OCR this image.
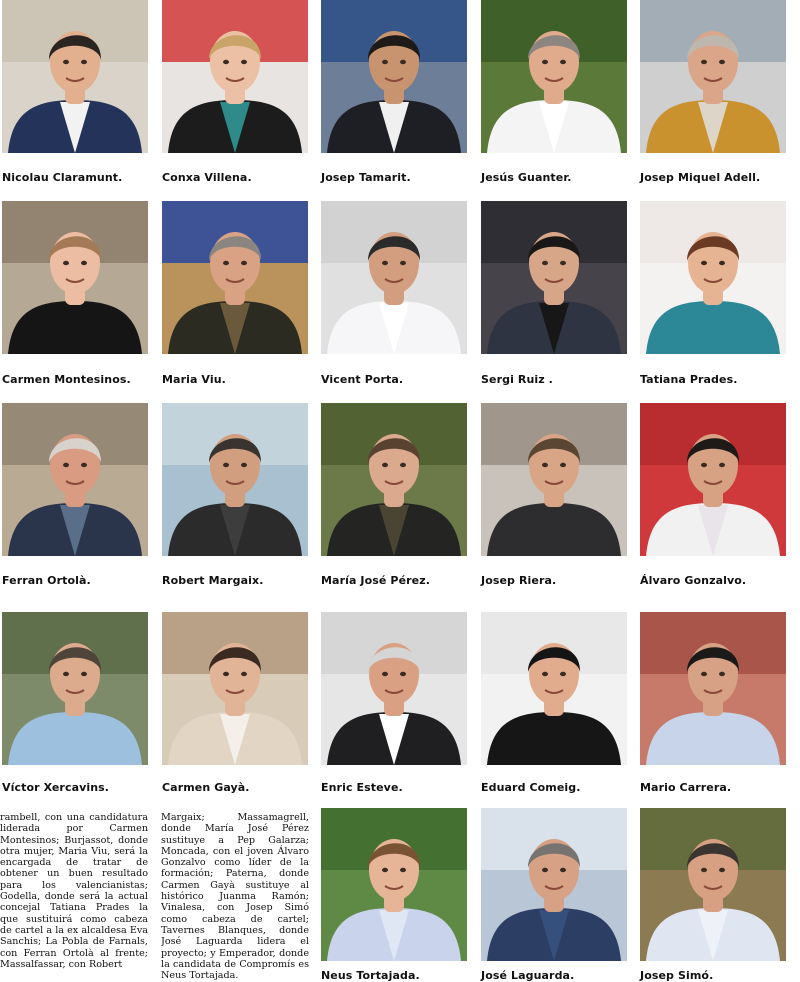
Nicolau Claramunt.	Conxa Villena.	Josep Tamarit.	Jesús Guanter.	Josep Miquel Adell.
Carmen Montesinos.	Maria Viu.	Vicent Porta.	Sergi Ruiz .	Tatiana Prades.
Ferran Ortolà.	Robert Margaix.	María José Pérez.	Josep Riera.	Álvaro Gonzalvo.
Víctor Xercavins.	Carmen Gayà.	Enric Esteve.	Eduard Comeig.	Mario Carrera.
Neus Tortajada.	José Laguarda.	Josep Simó.
rambell, con una candidatura liderada por Carmen Montesinos; Burjassot, donde otra mujer, Maria Viu, será la encargada de tratar de obtener un buen resultado para los valencianistas; Godella, donde será la actual concejal Tatiana Prades la que sustituirá como cabeza de cartel a la ex alcaldesa Eva Sanchis; La Pobla de Farnals, con Ferran Ortolà al frente; Massalfassar, con Robert
Margaix; Massamagrell, donde María José Pérez sustituye a Pep Galarza; Moncada, con el joven Álvaro Gonzalvo como líder de la formación; Paterna, donde Carmen Gayà sustituye al histórico Juanma Ramón; Vinalesa, con Josep Simó como cabeza de cartel; Tavernes Blanques, donde José Laguarda lidera el proyecto; y Emperador, donde la candidata de Compromís es Neus Tortajada.
